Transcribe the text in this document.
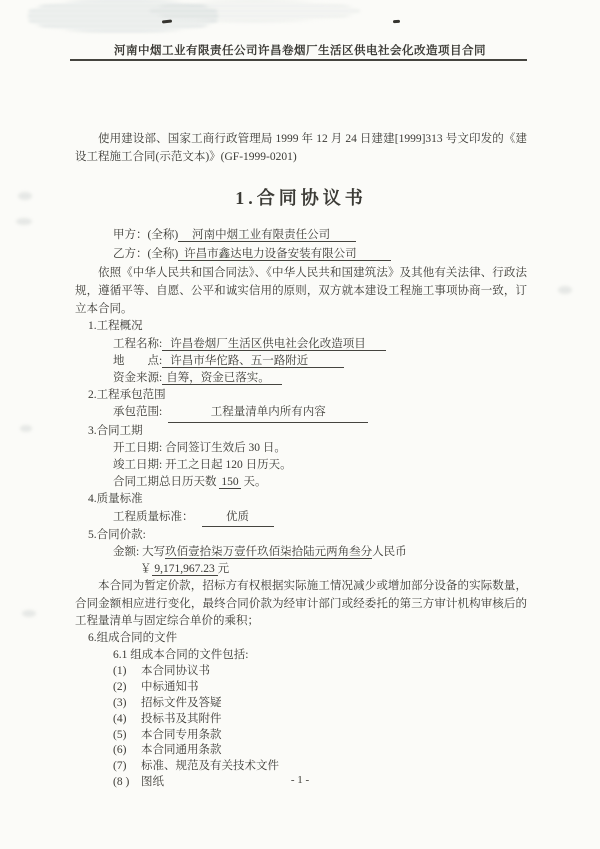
河南中烟工业有限责任公司许昌卷烟厂生活区供电社会化改造项目合同
使用建设部、国家工商行政管理局 1999 年 12 月 24 日建建[1999]313 号文印发的《建设工程施工合同(示范文本)》(GF-1999-0201)
1.合同协议书
甲方：(全称) 河南中烟工业有限责任公司
乙方：(全称) 许昌市鑫达电力设备安装有限公司
依照《中华人民共和国合同法》、《中华人民共和国建筑法》及其他有关法律、行政法规，遵循平等、自愿、公平和诚实信用的原则，双方就本建设工程施工事项协商一致，订立本合同。
1.工程概况
工程名称: 许昌卷烟厂生活区供电社会化改造项目
地　　点: 许昌市华佗路、五一路附近
资金来源: 自筹，资金已落实。
2.工程承包范围
承包范围:	工程量清单内所有内容
3.合同工期
开工日期: 合同签订生效后 30 日。
竣工日期: 开工之日起 120 日历天。
合同工期总日历天数 150 天。
4.质量标准
工程质量标准：	优质
5.合同价款:
金额: 大写玖佰壹拾柒万壹仟玖佰柒拾陆元两角叁分人民币
￥ 9,171,967.23 元
本合同为暂定价款，招标方有权根据实际施工情况减少或增加部分设备的实际数量，合同金额相应进行变化，最终合同价款为经审计部门或经委托的第三方审计机构审核后的工程量清单与固定综合单价的乘积；
6.组成合同的文件
6.1 组成本合同的文件包括:
(1) 本合同协议书
(2) 中标通知书
(3) 招标文件及答疑
(4) 投标书及其附件
(5) 本合同专用条款
(6) 本合同通用条款
(7) 标准、规范及有关技术文件
(8 ) 图纸	- 1 -
